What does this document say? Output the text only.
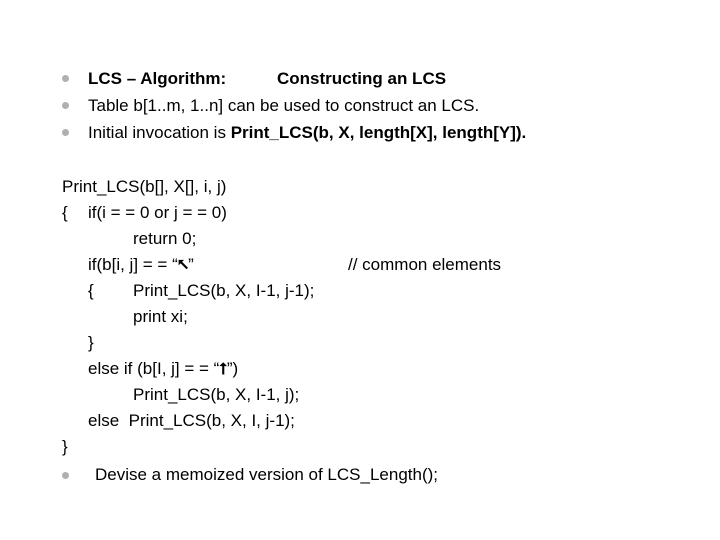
LCS – Algorithm:	Constructing an LCS
Table b[1..m, 1..n] can be used to construct an LCS.
Initial invocation is Print_LCS(b, X, length[X], length[Y]).
Print_LCS(b[], X[], i, j)
{ if(i = = 0 or j = = 0)
return 0;
if(b[i, j] = = “⭦”	// common elements
{ Print_LCS(b, X, I-1, j-1);
print xi;
}
else if (b[I, j] = = “⭡”)
Print_LCS(b, X, I-1, j);
else  Print_LCS(b, X, I, j-1);
}
Devise a memoized version of LCS_Length();
